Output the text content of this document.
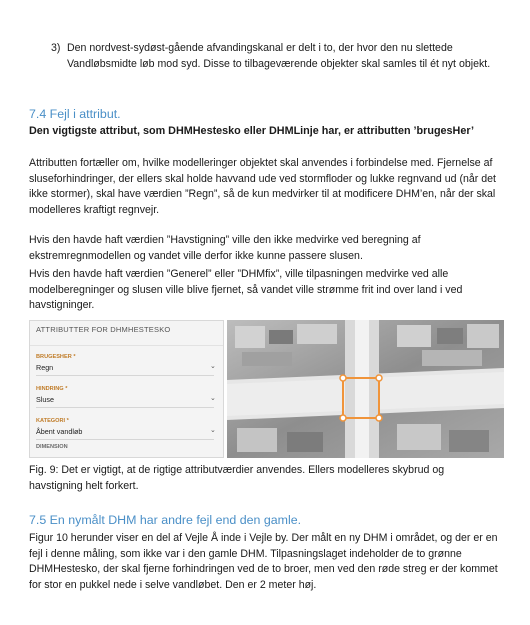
3) Den nordvest-sydøst-gående afvandingskanal er delt i to, der hvor den nu slettede Vandløbsmidte løb mod syd. Disse to tilbageværende objekter skal samles til ét nyt objekt.
7.4 Fejl i attribut.
Den vigtigste attribut, som DHMHestesko eller DHMLinje har, er attributten ’brugesHer’

Attributten fortæller om, hvilke modelleringer objektet skal anvendes i forbindelse med. Fjernelse af sluseforhindringer, der ellers skal holde havvand ude ved stormfloder og lukke regnvand ud (når det ikke stormer), skal have værdien ”Regn”, så de kun medvirker til at modificere DHM’en, når der skal modelleres kraftigt regnvejr.

Hvis den havde haft værdien ”Havstigning” ville den ikke medvirke ved beregning af ekstremregnmodellen og vandet ville derfor ikke kunne passere slusen.

Hvis den havde haft værdien ”Generel” eller ”DHMfix”, ville tilpasningen medvirke ved alle modelberegninger og slusen ville blive fjernet, så vandet ville strømme frit ind over land i ved havstigninger.

ATTRIBUTTER FOR DHMHESTESKO
BRUGESHER *
Regn	⌄
HINDRING *
Sluse	⌄
KATEGORI *
Åbent vandløb	⌄
DIMENSION
Fig. 9: Det er vigtigt, at de rigtige attributværdier anvendes. Ellers modelleres skybrud og havstigning helt forkert.
7.5 En nymålt DHM har andre fejl end den gamle.

Figur 10 herunder viser en del af Vejle Å inde i Vejle by. Der målt en ny DHM i området, og der er en fejl i denne måling, som ikke var i den gamle DHM. Tilpasningslaget indeholder de to grønne DHMHestesko, der skal fjerne forhindringen ved de to broer, men ved den røde streg er der kommet for stor en pukkel nede i selve vandløbet. Den er 2 meter høj.
